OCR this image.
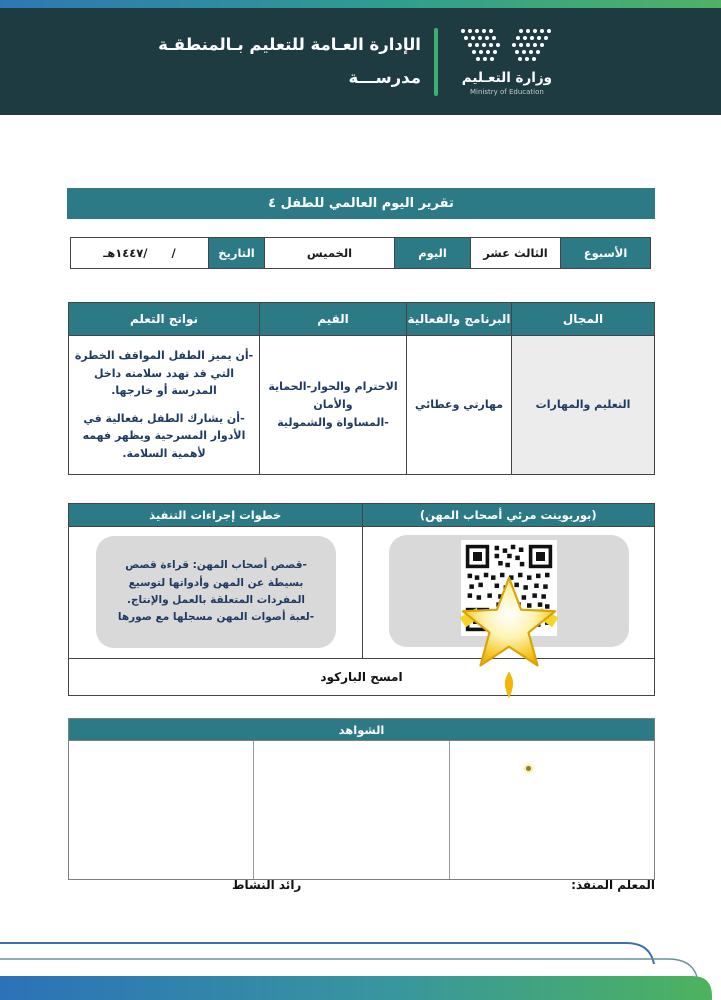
الإدارة العـامة للتعليم بـالمنطقـة
مدرســـة	وزارة التعـليم
Ministry of Education
تقرير اليوم العالمي للطفل ٤
الأسبوع
الثالث عشر
اليوم
الخميس
التاريخ
/      /١٤٤٧هـ
المجال
البرنامج والفعالية
القيم
نواتج التعلم
التعليم والمهارات
مهارتي وعطائي
الاحترام والحوار-الحماية والأمان
-المساواة والشمولية
-أن يميز الطفل المواقف الخطرة التي قد تهدد سلامته داخل المدرسة أو خارجها.
-أن يشارك الطفل بفعالية في الأدوار المسرحية ويظهر فهمه لأهمية السلامة.
(بوربوينت مرئي أصحاب المهن)
خطوات إجراءات التنفيذ
-قصص أصحاب المهن: قراءة قصص بسيطة عن المهن وأدواتها لتوسيع المفردات المتعلقة بالعمل والإنتاج.
-لعبة أصوات المهن مسجلها مع صورها
امسح الباركود
الشواهد
المعلم المنفذ:
رائد النشاط
